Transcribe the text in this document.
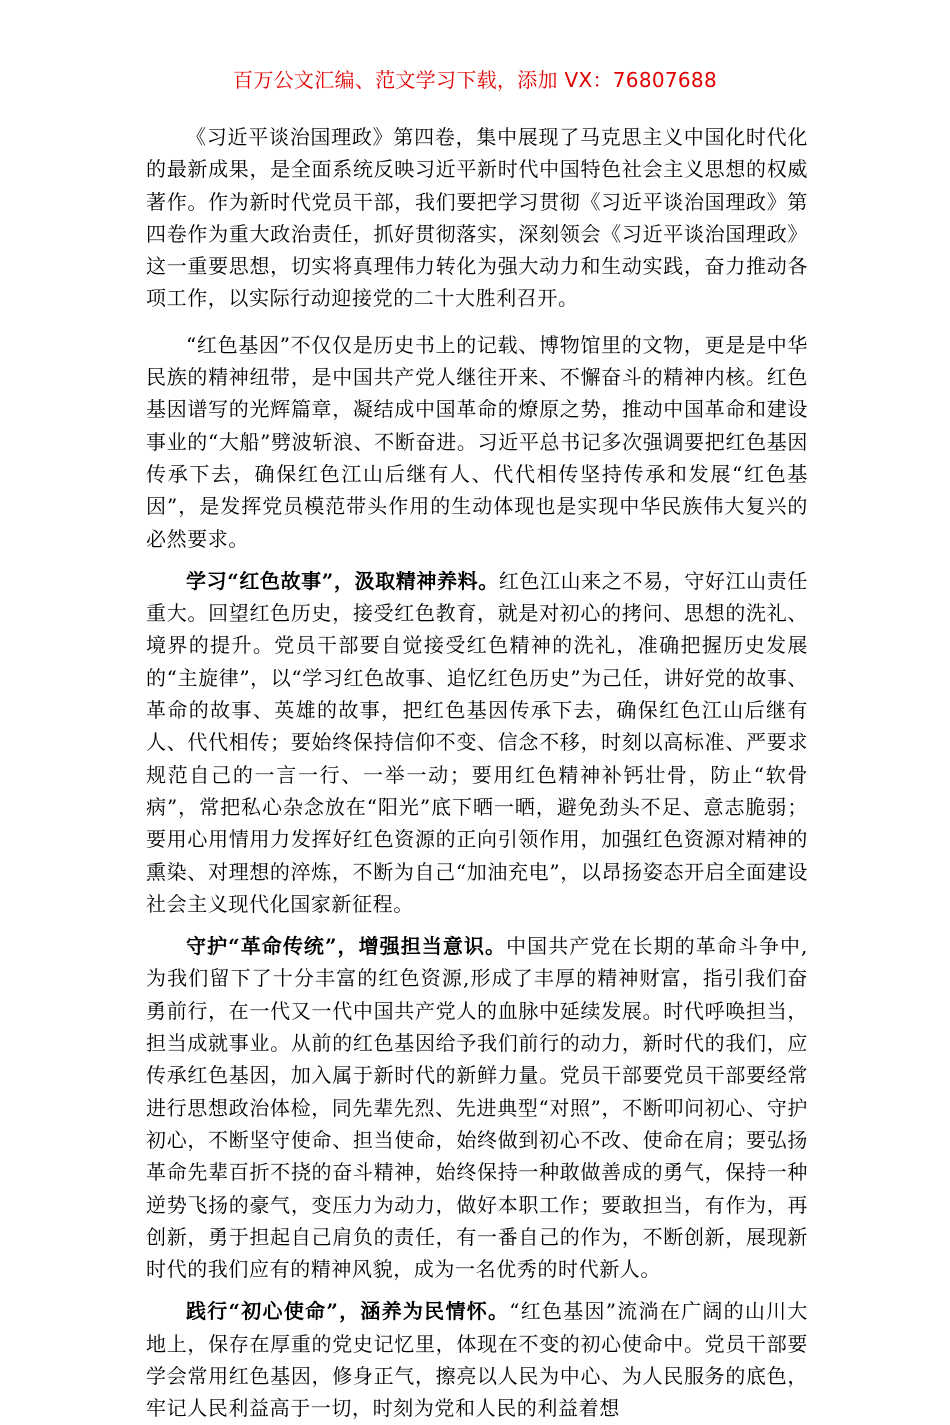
百万公文汇编、范文学习下载，添加 VX：76807688

《习近平谈治国理政》第四卷，集中展现了马克思主义中国化时代化的最新成果，是全面系统反映习近平新时代中国特色社会主义思想的权威著作。作为新时代党员干部，我们要把学习贯彻《习近平谈治国理政》第四卷作为重大政治责任，抓好贯彻落实，深刻领会《习近平谈治国理政》这一重要思想，切实将真理伟力转化为强大动力和生动实践，奋力推动各项工作，以实际行动迎接党的二十大胜利召开。

“红色基因”不仅仅是历史书上的记载、博物馆里的文物，更是是中华民族的精神纽带，是中国共产党人继往开来、不懈奋斗的精神内核。红色基因谱写的光辉篇章，凝结成中国革命的燎原之势，推动中国革命和建设事业的“大船”劈波斩浪、不断奋进。习近平总书记多次强调要把红色基因传承下去，确保红色江山后继有人、代代相传坚持传承和发展“红色基因”，是发挥党员模范带头作用的生动体现也是实现中华民族伟大复兴的必然要求。

学习“红色故事”，汲取精神养料。红色江山来之不易，守好江山责任重大。回望红色历史，接受红色教育，就是对初心的拷问、思想的洗礼、境界的提升。党员干部要自觉接受红色精神的洗礼，准确把握历史发展的“主旋律”，以“学习红色故事、追忆红色历史”为己任，讲好党的故事、革命的故事、英雄的故事，把红色基因传承下去，确保红色江山后继有人、代代相传；要始终保持信仰不变、信念不移，时刻以高标准、严要求规范自己的一言一行、一举一动；要用红色精神补钙壮骨，防止“软骨病”，常把私心杂念放在“阳光”底下晒一晒，避免劲头不足、意志脆弱；要用心用情用力发挥好红色资源的正向引领作用，加强红色资源对精神的熏染、对理想的淬炼，不断为自己“加油充电”，以昂扬姿态开启全面建设社会主义现代化国家新征程。

守护“革命传统”，增强担当意识。中国共产党在长期的革命斗争中,为我们留下了十分丰富的红色资源,形成了丰厚的精神财富，指引我们奋勇前行，在一代又一代中国共产党人的血脉中延续发展。时代呼唤担当，担当成就事业。从前的红色基因给予我们前行的动力，新时代的我们，应传承红色基因，加入属于新时代的新鲜力量。党员干部要党员干部要经常进行思想政治体检，同先辈先烈、先进典型“对照”，不断叩问初心、守护初心，不断坚守使命、担当使命，始终做到初心不改、使命在肩；要弘扬革命先辈百折不挠的奋斗精神，始终保持一种敢做善成的勇气，保持一种逆势飞扬的豪气，变压力为动力，做好本职工作；要敢担当，有作为，再创新，勇于担起自己肩负的责任，有一番自己的作为，不断创新，展现新时代的我们应有的精神风貌，成为一名优秀的时代新人。

践行“初心使命”，涵养为民情怀。“红色基因”流淌在广阔的山川大地上，保存在厚重的党史记忆里，体现在不变的初心使命中。党员干部要学会常用红色基因，修身正气，擦亮以人民为中心、为人民服务的底色，牢记人民利益高于一切，时刻为党和人民的利益着想
